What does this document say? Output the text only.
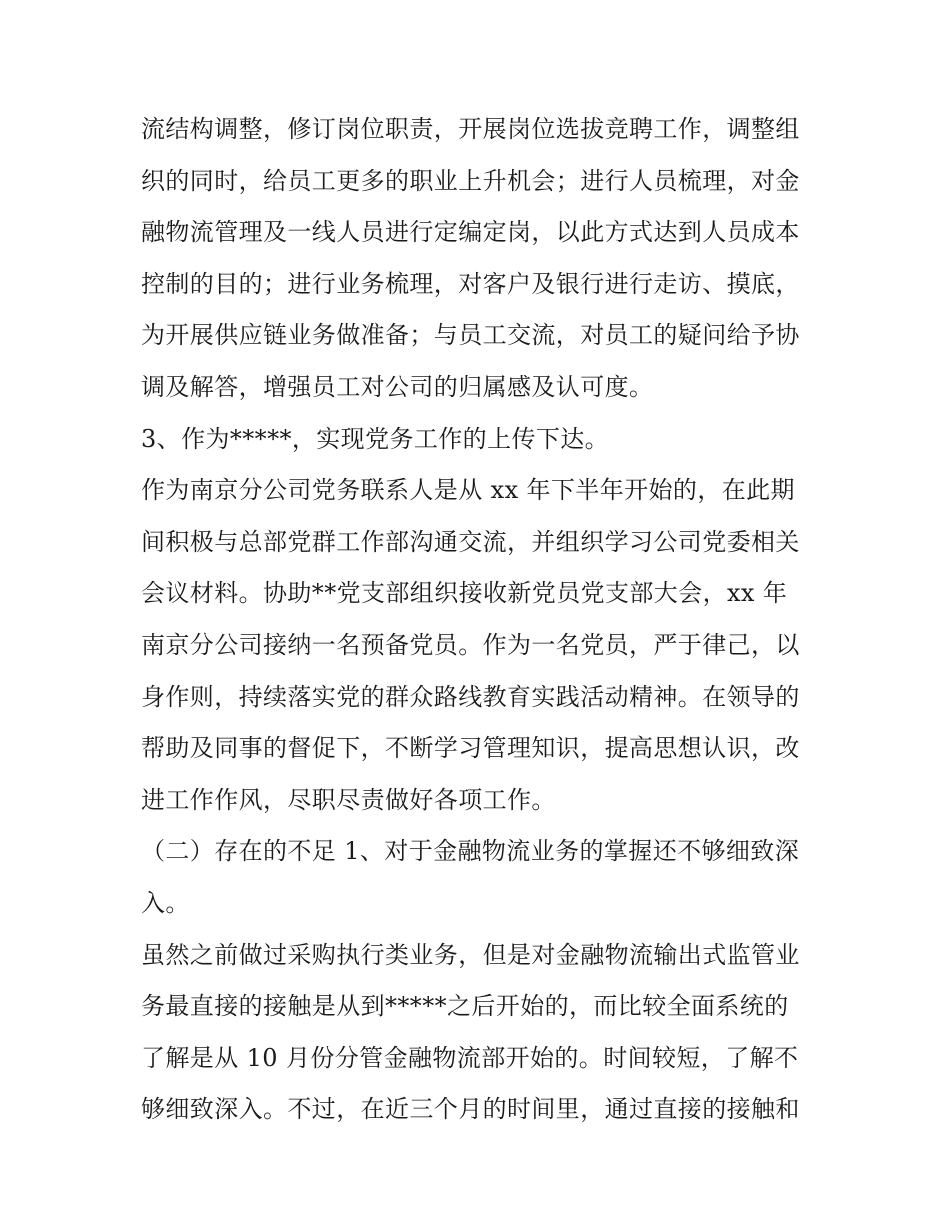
流结构调整，修订岗位职责，开展岗位选拔竞聘工作，调整组
织的同时，给员工更多的职业上升机会；进行人员梳理，对金
融物流管理及一线人员进行定编定岗，以此方式达到人员成本
控制的目的；进行业务梳理，对客户及银行进行走访、摸底，
为开展供应链业务做准备；与员工交流，对员工的疑问给予协
调及解答，增强员工对公司的归属感及认可度。
3、作为*****，实现党务工作的上传下达。
作为南京分公司党务联系人是从 xx 年下半年开始的，在此期
间积极与总部党群工作部沟通交流，并组织学习公司党委相关
会议材料。协助**党支部组织接收新党员党支部大会，xx 年
南京分公司接纳一名预备党员。作为一名党员，严于律己，以
身作则，持续落实党的群众路线教育实践活动精神。在领导的
帮助及同事的督促下，不断学习管理知识，提高思想认识，改
进工作作风，尽职尽责做好各项工作。
（二）存在的不足 1、对于金融物流业务的掌握还不够细致深
入。
虽然之前做过采购执行类业务，但是对金融物流输出式监管业
务最直接的接触是从到*****之后开始的，而比较全面系统的
了解是从 10 月份分管金融物流部开始的。时间较短，了解不
够细致深入。不过，在近三个月的时间里，通过直接的接触和
